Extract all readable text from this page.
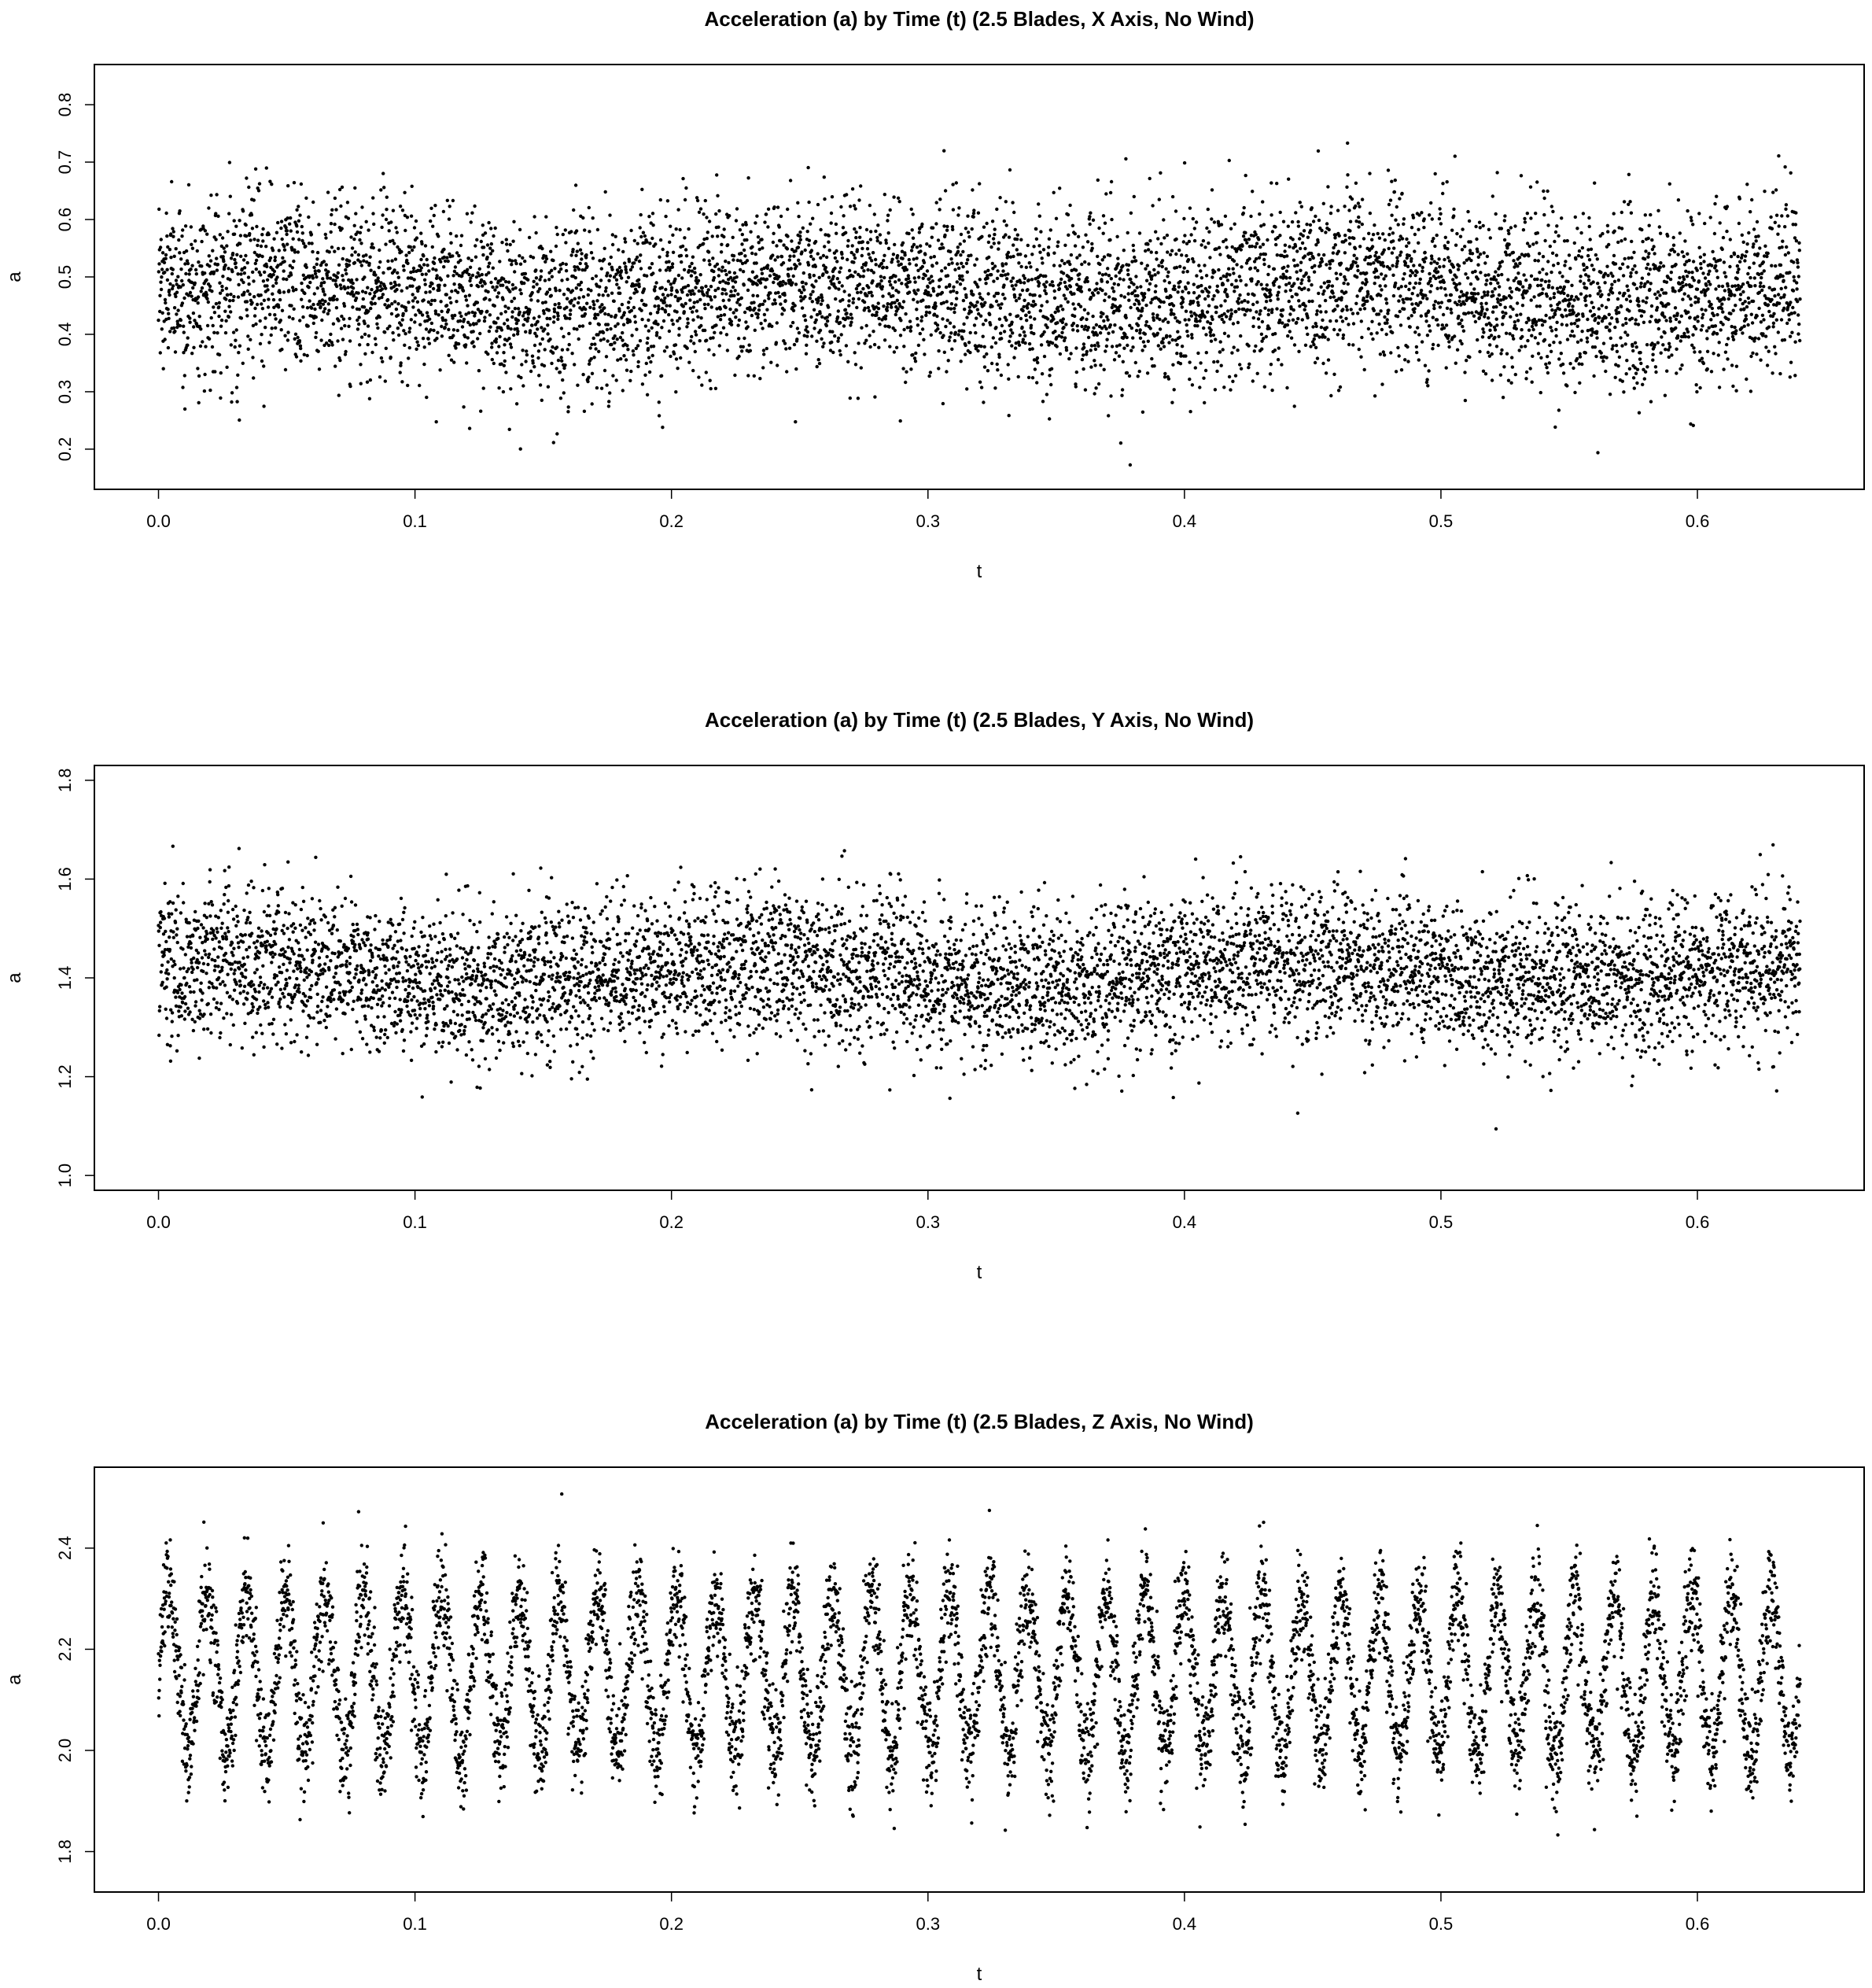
Acceleration (a) by Time (t) (2.5 Blades, X Axis, No Wind)
0.0	0.1	0.2	0.3	0.4	0.5	0.6
0.2
0.3
0.4
0.5
0.6
0.7
0.8
t
a
Acceleration (a) by Time (t) (2.5 Blades, Y Axis, No Wind)
0.0	0.1	0.2	0.3	0.4	0.5	0.6
1.0
1.2
1.4
1.6
1.8
t
a
Acceleration (a) by Time (t) (2.5 Blades, Z Axis, No Wind)
0.0	0.1	0.2	0.3	0.4	0.5	0.6
1.8
2.0
2.2
2.4
t
a
